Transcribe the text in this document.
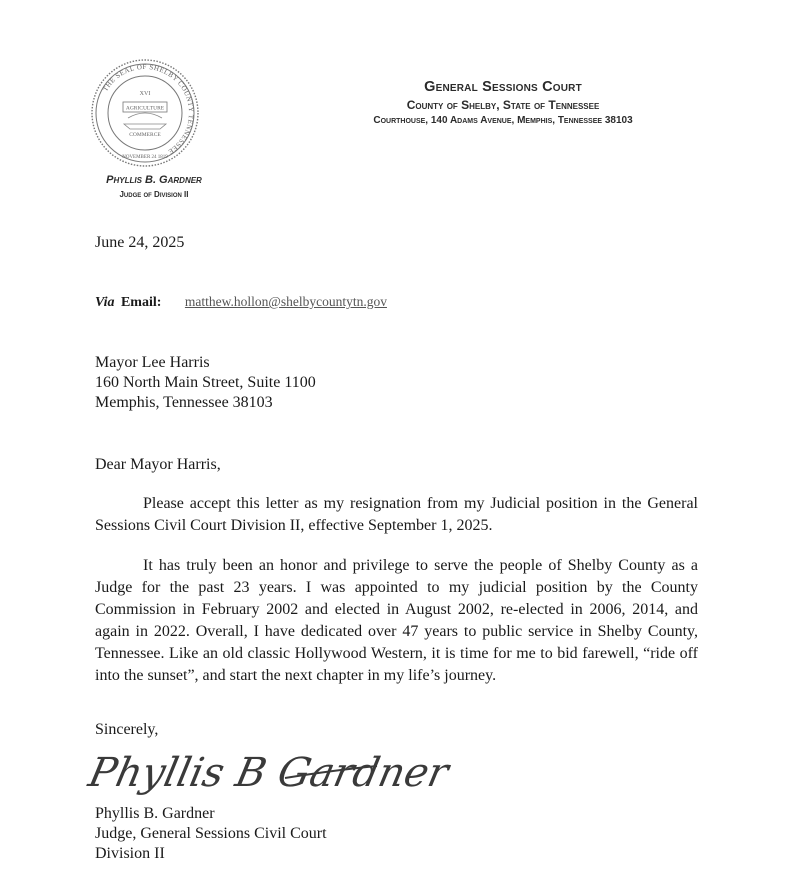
THE SEAL OF SHELBY COUNTY TENNESSEE
XVI
AGRICULTURE
COMMERCE
NOVEMBER 24 1819
General Sessions Court
County of Shelby, State of Tennessee
Courthouse, 140 Adams Avenue, Memphis, Tennessee 38103
Phyllis B. Gardner
Judge of Division II
June 24, 2025
Via Email: matthew.hollon@shelbycountytn.gov
Mayor Lee Harris
160 North Main Street, Suite 1100
Memphis, Tennessee 38103
Dear Mayor Harris,

Please accept this letter as my resignation from my Judicial position in the General Sessions Civil Court Division II, effective September 1, 2025.

It has truly been an honor and privilege to serve the people of Shelby County as a Judge for the past 23 years. I was appointed to my judicial position by the County Commission in February 2002 and elected in August 2002, re-elected in 2006, 2014, and again in 2022. Overall, I have dedicated over 47 years to public service in Shelby County, Tennessee. Like an old classic Hollywood Western, it is time for me to bid farewell, “ride off into the sunset”, and start the next chapter in my life’s journey.

Sincerely,
Phyllis B Gardner
Phyllis B. Gardner
Judge, General Sessions Civil Court
Division II
